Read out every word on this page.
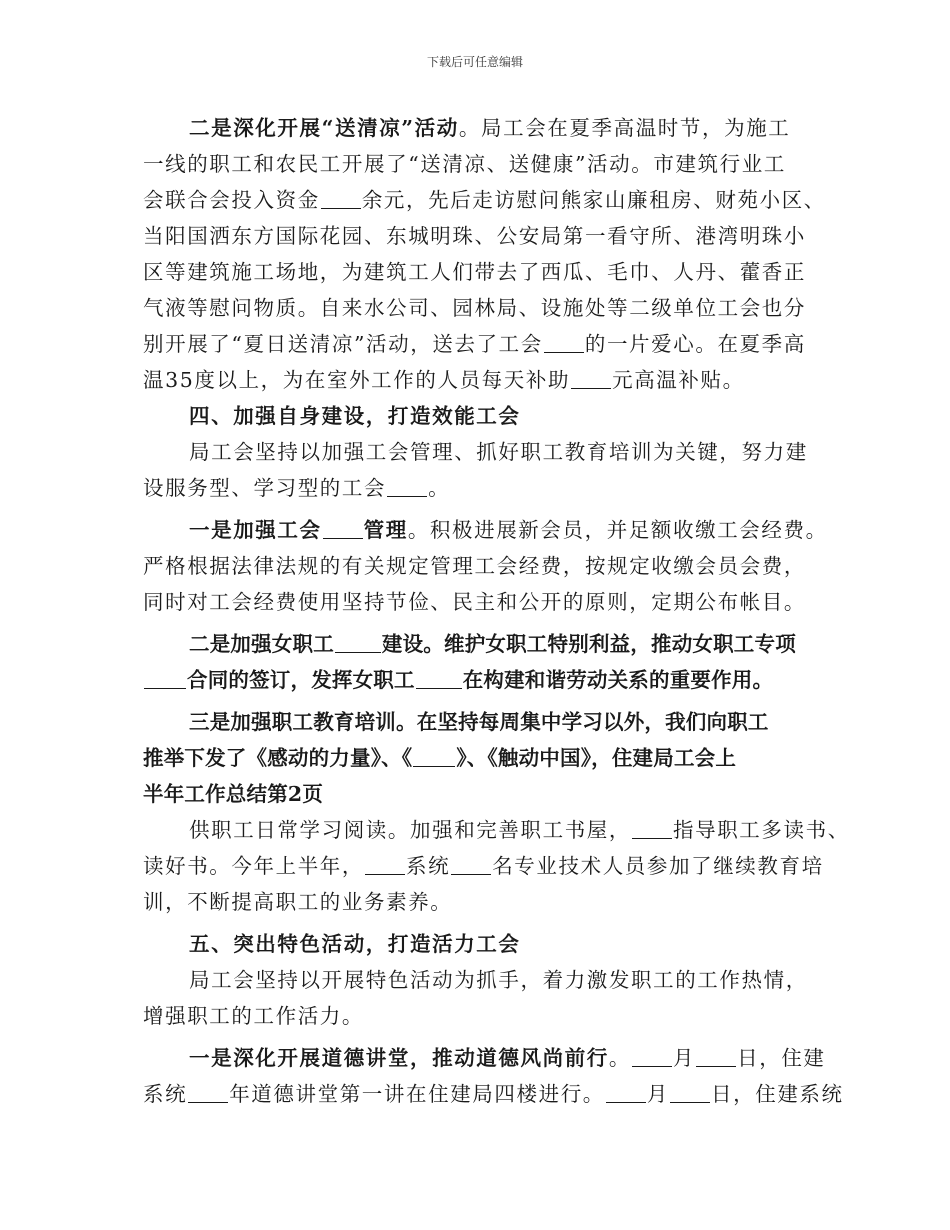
下载后可任意编辑
二是深化开展“送清凉”活动。局工会在夏季高温时节，为施工
一线的职工和农民工开展了“送清凉、送健康”活动。市建筑行业工
会联合会投入资金 余元，先后走访慰问熊家山廉租房、财苑小区、
当阳国洒东方国际花园、东城明珠、公安局第一看守所、港湾明珠小
区等建筑施工场地，为建筑工人们带去了西瓜、毛巾、人丹、藿香正
气液等慰问物质。自来水公司、园林局、设施处等二级单位工会也分
别开展了“夏日送清凉”活动，送去了工会 的一片爱心。在夏季高
温35度以上，为在室外工作的人员每天补助 元高温补贴。
四、加强自身建设，打造效能工会
局工会坚持以加强工会管理、抓好职工教育培训为关键，努力建
设服务型、学习型的工会 。
一是加强工会 管理。积极进展新会员，并足额收缴工会经费。
严格根据法律法规的有关规定管理工会经费，按规定收缴会员会费，
同时对工会经费使用坚持节俭、民主和公开的原则，定期公布帐目。
二是加强女职工 建设。维护女职工特别利益，推动女职工专项
合同的签订，发挥女职工 在构建和谐劳动关系的重要作用。
三是加强职工教育培训。在坚持每周集中学习以外，我们向职工
推举下发了《感动的力量》、《 》、《触动中国》，住建局工会上
半年工作总结第2页
供职工日常学习阅读。加强和完善职工书屋， 指导职工多读书、
读好书。今年上半年， 系统 名专业技术人员参加了继续教育培
训，不断提高职工的业务素养。
五、突出特色活动，打造活力工会
局工会坚持以开展特色活动为抓手，着力激发职工的工作热情，
增强职工的工作活力。
一是深化开展道德讲堂，推动道德风尚前行。 月 日，住建
系统 年道德讲堂第一讲在住建局四楼进行。 月 日，住建系统
